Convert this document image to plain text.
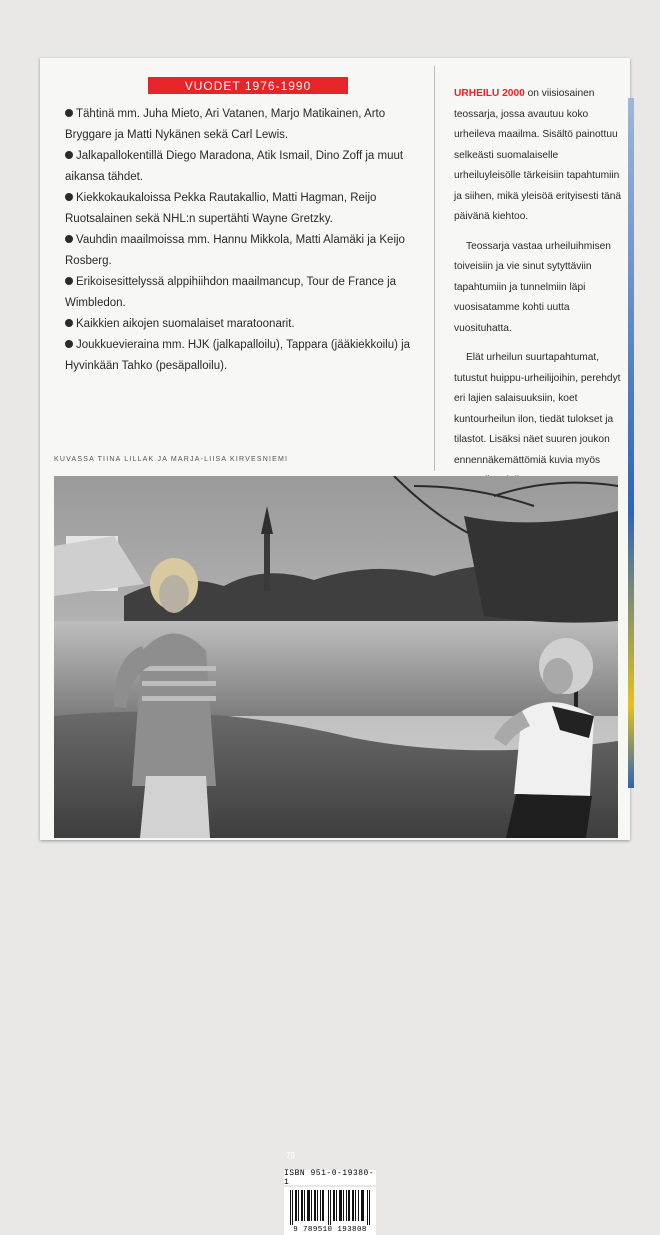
VUODET 1976-1990
Tähtinä mm. Juha Mieto, Ari Vatanen, Marjo Matikainen, Arto Bryggare ja Matti Nykänen sekä Carl Lewis.
Jalkapallokentillä Diego Maradona, Atik Ismail, Dino Zoff ja muut aikansa tähdet.
Kiekkokaukaloissa Pekka Rautakallio, Matti Hagman, Reijo Ruotsalainen sekä NHL:n supertähti Wayne Gretzky.
Vauhdin maailmoissa mm. Hannu Mikkola, Matti Alamäki ja Keijo Rosberg.
Erikoisesittelyssä alppihiihdon maailmancup, Tour de France ja Wimbledon.
Kaikkien aikojen suomalaiset maratoonarit.
Joukkuevieraina mm. HJK (jalkapalloilu), Tappara (jääkiekkoilu) ja Hyvinkään Tahko (pesäpalloilu).

URHEILU 2000 on viisiosainen teossarja, jossa avautuu koko urheileva maailma. Sisältö painottuu selkeästi suomalaiselle urheiluyleisölle tärkeisiin tapahtumiin ja siihen, mikä yleisöä erityisesti tänä päivänä kiehtoo.

Teossarja vastaa urheiluihmisen toiveisiin ja vie sinut sytyttäviin tapahtumiin ja tunnelmiin läpi vuosisatamme kohti uutta vuosituhatta.

Elät urheilun suurtapahtumat, tutustut huippu-urheilijoihin, perehdyt eri lajien salaisuuksiin, koet kuntourheilun ilon, tiedät tulokset ja tilastot. Lisäksi näet suuren joukon ennennäkemättömiä kuvia myös

KUVASSA TIINA LILLAK JA MARJA-LIISA KIRVESNIEMI
79
ISBN 951-0-19380-1
9 789510 193808
